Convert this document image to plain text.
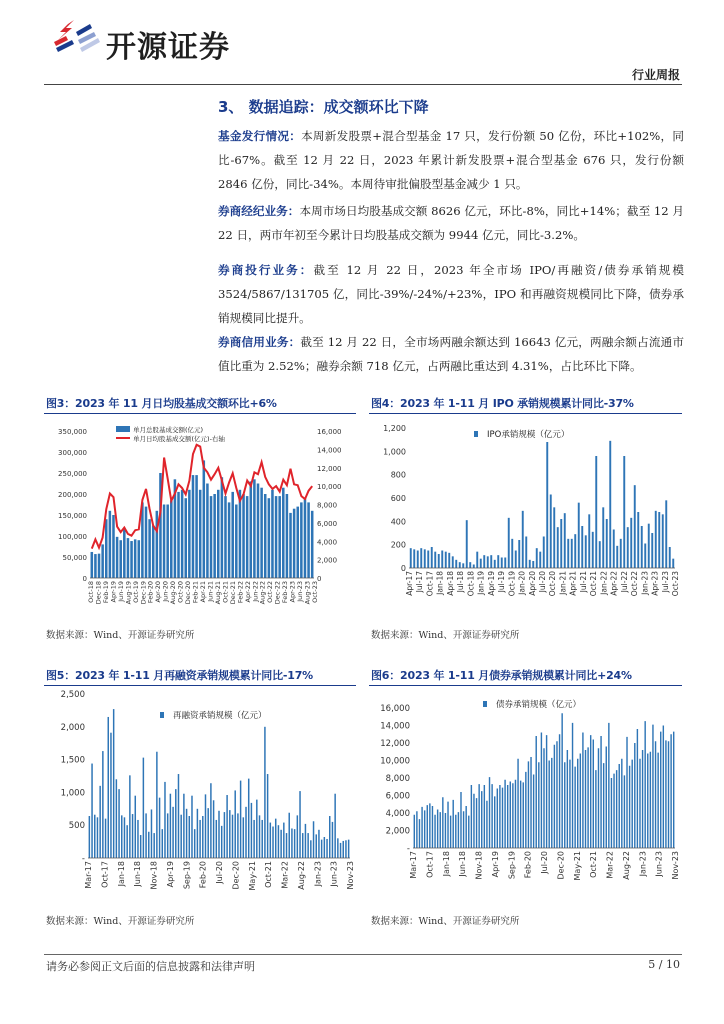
开源证券
行业周报
3、 数据追踪：成交额环比下降
基金发行情况：本周新发股票+混合型基金 17 只，发行份额 50 亿份，环比+102%，同比-67%。截至 12 月 22 日，2023 年累计新发股票+混合型基金 676 只，发行份额 2846 亿份，同比-34%。本周待审批偏股型基金减少 1 只。
券商经纪业务：本周市场日均股基成交额 8626 亿元，环比-8%，同比+14%；截至 12 月 22 日，两市年初至今累计日均股基成交额为 9944 亿元，同比-3.2%。
券商投行业务：截至 12 月 22 日，2023 年全市场 IPO/再融资/债券承销规模 3524/5867/131705 亿，同比-39%/-24%/+23%，IPO 和再融资规模同比下降，债券承销规模同比提升。
券商信用业务：截至 12 月 22 日，全市场两融余额达到 16643 亿元，两融余额占流通市值比重为 2.52%；融券余额 718 亿元，占两融比重达到 4.31%，占比环比下降。
图3：2023 年 11 月日均股基成交额环比+6%
350,000
300,000
250,000
200,000
150,000
100,000
50,000
0
16,000
14,000
12,000
10,000
8,000
6,000
4,000
2,000
0
Oct-18 Dec-18 Feb-19 Apr-19 Jun-19 Aug-19 Oct-19 Dec-19 Feb-20 Apr-20 Jun-20 Aug-20 Oct-20 Dec-20 Feb-21 Apr-21 Jun-21 Aug-21 Oct-21 Dec-21 Feb-22 Apr-22 Jun-22 Aug-22 Oct-22 Dec-22 Feb-23 Apr-23 Jun-23 Aug-23 Oct-23
单月总股基成交额(亿元)
单月日均股基成交额(亿元)-右轴
数据来源：Wind、开源证券研究所
图4：2023 年 1-11 月 IPO 承销规模累计同比-37%
1,200
1,000
800
600
400
200
0
Apr-17 Jul-17 Oct-17 Jan-18 Apr-18 Jul-18 Oct-18 Jan-19 Apr-19 Jul-19 Oct-19 Jan-20 Apr-20 Jul-20 Oct-20 Jan-21 Apr-21 Jul-21 Oct-21 Jan-22 Apr-22 Jul-22 Oct-22 Jan-23 Apr-23 Jul-23 Oct-23
IPO承销规模（亿元）
数据来源：Wind、开源证券研究所
图5：2023 年 1-11 月再融资承销规模累计同比-17%
2,500
2,000
1,500
1,000
500
-
Mar-17 Oct-17 Jan-18 Jun-18 Nov-18 Apr-19 Sep-19 Feb-20 Jul-20 Dec-20 May-21 Oct-21 Mar-22 Aug-22 Jan-23 Jun-23 Nov-23
再融资承销规模（亿元）
数据来源：Wind、开源证券研究所
图6：2023 年 1-11 月债券承销规模累计同比+24%
16,000
14,000
12,000
10,000
8,000
6,000
4,000
2,000
-
Mar-17 Oct-17 Jan-18 Jun-18 Nov-18 Apr-19 Sep-19 Feb-20 Jul-20 Dec-20 May-21 Oct-21 Mar-22 Aug-22 Jan-23 Jun-23 Nov-23
债券承销规模（亿元）
数据来源：Wind、开源证券研究所
请务必参阅正文后面的信息披露和法律声明	5 / 10
